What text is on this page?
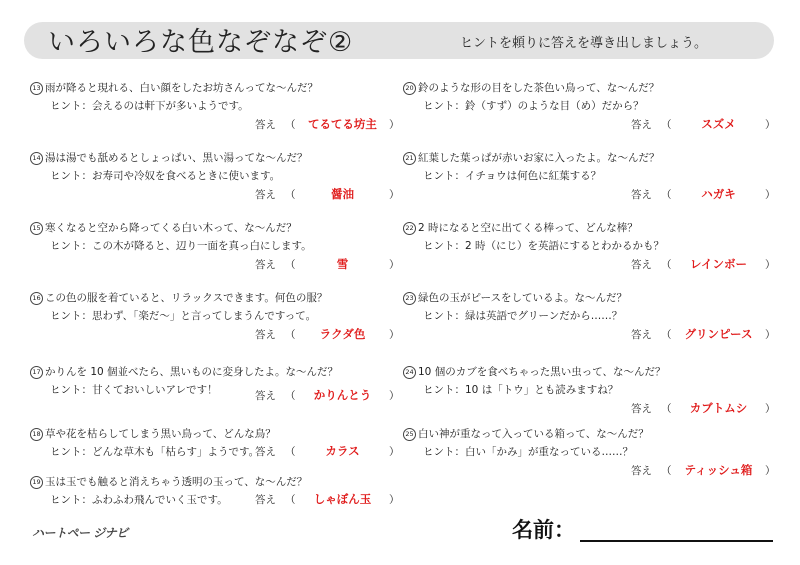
いろいろな色なぞなぞ②	ヒントを頼りに答えを導き出しましょう。
13 雨が降ると現れる、白い顔をしたお坊さんってな〜んだ？
ヒント：会えるのは軒下が多いようです。
答え （	てるてる坊主	）
14 湯は湯でも舐めるとしょっぱい、黒い湯ってな〜んだ？
ヒント：お寿司や冷奴を食べるときに使います。
答え （	醤油	）
15 寒くなると空から降ってくる白い木って、な〜んだ？
ヒント：この木が降ると、辺り一面を真っ白にします。
答え （	雪	）
16 この色の服を着ていると、リラックスできます。何色の服？
ヒント：思わず、「楽だ〜」と言ってしまうんですって。
答え （	ラクダ色	）
17 かりんを 10 個並べたら、黒いものに変身したよ。な〜んだ？
ヒント：甘くておいしいアレです！	答え （	かりんとう	）
18 草や花を枯らしてしまう黒い鳥って、どんな鳥？
ヒント：どんな草木も「枯らす」ようです。
答え （	カラス	）
19 玉は玉でも触ると消えちゃう透明の玉って、な〜んだ？
ヒント：ふわふわ飛んでいく玉です。	答え （	しゃぼん玉	）
20 鈴のような形の目をした茶色い鳥って、な〜んだ？
ヒント：鈴（すず）のような目（め）だから？
答え （	スズメ	）
21 紅葉した葉っぱが赤いお家に入ったよ。な〜んだ？
ヒント：イチョウは何色に紅葉する？
答え （	ハガキ	）
22 2 時になると空に出てくる棒って、どんな棒？
ヒント：2 時（にじ）を英語にするとわかるかも？
答え （	レインボー	）
23 緑色の玉がピースをしているよ。な〜んだ？
ヒント：緑は英語でグリーンだから……？
答え （	グリンピース	）
24 10 個のカブを食べちゃった黒い虫って、な〜んだ？
ヒント：10 は「トウ」とも読みますね？
答え （	カブトムシ	）
25 白い神が重なって入っている箱って、な〜んだ？
ヒント：白い「かみ」が重なっている……？
答え （	ティッシュ箱	）
ハートペー ジナビ	名前：
